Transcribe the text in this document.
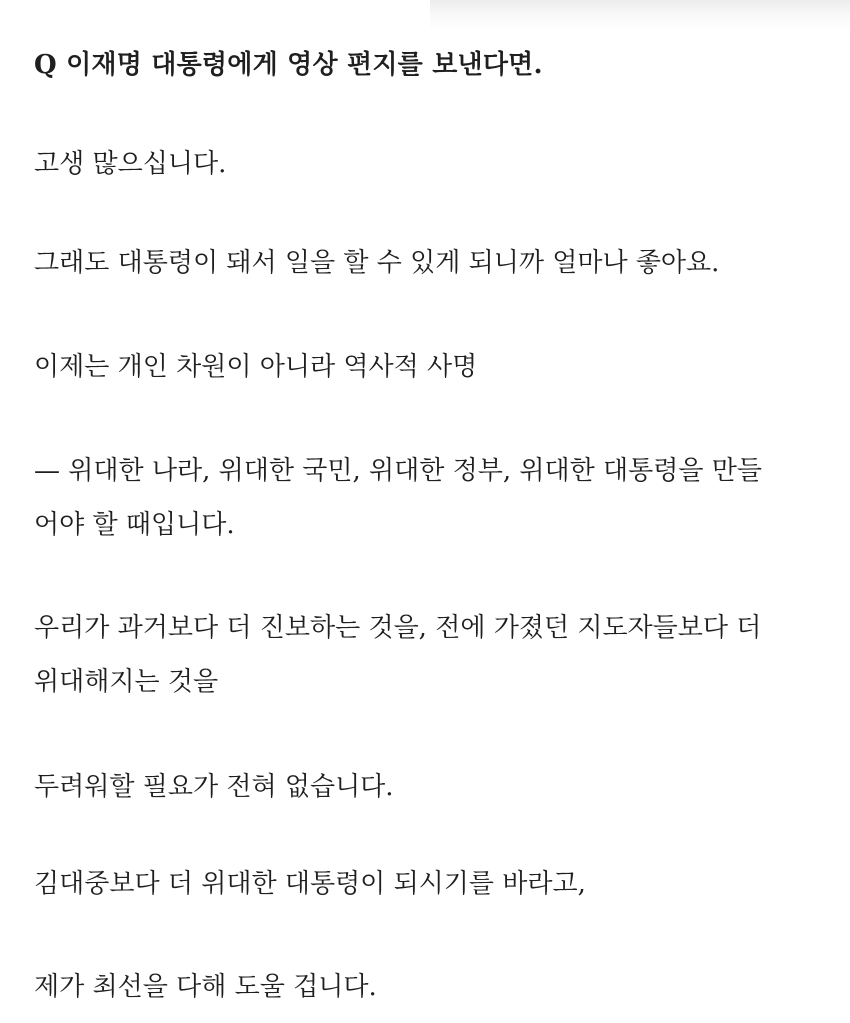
Q 이재명 대통령에게 영상 편지를 보낸다면.
고생 많으십니다.
그래도 대통령이 돼서 일을 할 수 있게 되니까 얼마나 좋아요.
이제는 개인 차원이 아니라 역사적 사명
— 위대한 나라, 위대한 국민, 위대한 정부, 위대한 대통령을 만들
어야 할 때입니다.
우리가 과거보다 더 진보하는 것을, 전에 가졌던 지도자들보다 더
위대해지는 것을
두려워할 필요가 전혀 없습니다.
김대중보다 더 위대한 대통령이 되시기를 바라고,
제가 최선을 다해 도울 겁니다.
